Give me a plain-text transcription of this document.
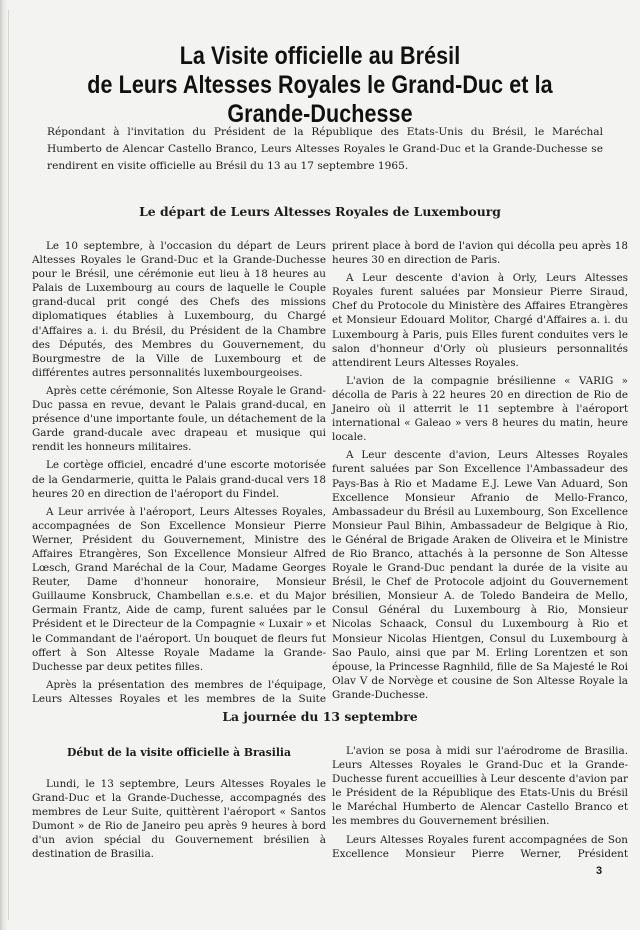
La Visite officielle au Brésil
de Leurs Altesses Royales le Grand-Duc et la Grande-Duchesse
Répondant à l'invitation du Président de la République des Etats-Unis du Brésil, le Maréchal Humberto de Alencar Castello Branco, Leurs Altesses Royales le Grand-Duc et la Grande-Duchesse se rendirent en visite officielle au Brésil du 13 au 17 septembre 1965.
Le départ de Leurs Altesses Royales de Luxembourg

Le 10 septembre, à l'occasion du départ de Leurs Altesses Royales le Grand-Duc et la Grande-Duchesse pour le Brésil, une cérémonie eut lieu à 18 heures au Palais de Luxembourg au cours de laquelle le Couple grand-ducal prit congé des Chefs des missions diplomatiques établies à Luxembourg, du Chargé d'Affaires a. i. du Brésil, du Président de la Chambre des Députés, des Membres du Gouvernement, du Bourgmestre de la Ville de Luxembourg et de différentes autres personnalités luxembourgeoises.

Après cette cérémonie, Son Altesse Royale le Grand-Duc passa en revue, devant le Palais grand-ducal, en présence d'une importante foule, un détachement de la Garde grand-ducale avec drapeau et musique qui rendit les honneurs militaires.

Le cortège officiel, encadré d'une escorte motorisée de la Gendarmerie, quitta le Palais grand-ducal vers 18 heures 20 en direction de l'aéroport du Findel.

A Leur arrivée à l'aéroport, Leurs Altesses Royales, accompagnées de Son Excellence Monsieur Pierre Werner, Président du Gouvernement, Ministre des Affaires Etrangères, Son Excellence Monsieur Alfred Lœsch, Grand Maréchal de la Cour, Madame Georges Reuter, Dame d'honneur honoraire, Monsieur Guillaume Konsbruck, Chambellan e.s.e. et du Major Germain Frantz, Aide de camp, furent saluées par le Président et le Directeur de la Compagnie « Luxair » et le Commandant de l'aéroport. Un bouquet de fleurs fut offert à Son Altesse Royale Madame la Grande-Duchesse par deux petites filles.

Après la présentation des membres de l'équipage, Leurs Altesses Royales et les membres de la Suite

prirent place à bord de l'avion qui décolla peu après 18 heures 30 en direction de Paris.

A Leur descente d'avion à Orly, Leurs Altesses Royales furent saluées par Monsieur Pierre Siraud, Chef du Protocole du Ministère des Affaires Etrangères et Monsieur Edouard Molitor, Chargé d'Affaires a. i. du Luxembourg à Paris, puis Elles furent conduites vers le salon d'honneur d'Orly où plusieurs personnalités attendirent Leurs Altesses Royales.

L'avion de la compagnie brésilienne « VARIG » décolla de Paris à 22 heures 20 en direction de Rio de Janeiro où il atterrit le 11 septembre à l'aéroport international « Galeao » vers 8 heures du matin, heure locale.

A Leur descente d'avion, Leurs Altesses Royales furent saluées par Son Excellence l'Ambassadeur des Pays-Bas à Rio et Madame E.J. Lewe Van Aduard, Son Excellence Monsieur Afranio de Mello-Franco, Ambassadeur du Brésil au Luxembourg, Son Excellence Monsieur Paul Bihin, Ambassadeur de Belgique à Rio, le Général de Brigade Araken de Oliveira et le Ministre de Rio Branco, attachés à la personne de Son Altesse Royale le Grand-Duc pendant la durée de la visite au Brésil, le Chef de Protocole adjoint du Gouvernement brésilien, Monsieur A. de Toledo Bandeira de Mello, Consul Général du Luxembourg à Rio, Monsieur Nicolas Schaack, Consul du Luxembourg à Rio et Monsieur Nicolas Hientgen, Consul du Luxembourg à Sao Paulo, ainsi que par M. Erling Lorentzen et son épouse, la Princesse Ragnhild, fille de Sa Majesté le Roi Olav V de Norvège et cousine de Son Altesse Royale la Grande-Duchesse.

La journée du 13 septembre
Début de la visite officielle à Brasilia

Lundi, le 13 septembre, Leurs Altesses Royales le Grand-Duc et la Grande-Duchesse, accompagnés des membres de Leur Suite, quittèrent l'aéroport « Santos Dumont » de Rio de Janeiro peu après 9 heures à bord d'un avion spécial du Gouvernement brésilien à destination de Brasilia.

L'avion se posa à midi sur l'aérodrome de Brasilia. Leurs Altesses Royales le Grand-Duc et la Grande-Duchesse furent accueillies à Leur descente d'avion par le Président de la République des Etats-Unis du Brésil le Maréchal Humberto de Alencar Castello Branco et les membres du Gouvernement brésilien.

Leurs Altesses Royales furent accompagnées de Son Excellence Monsieur Pierre Werner, Président

3
